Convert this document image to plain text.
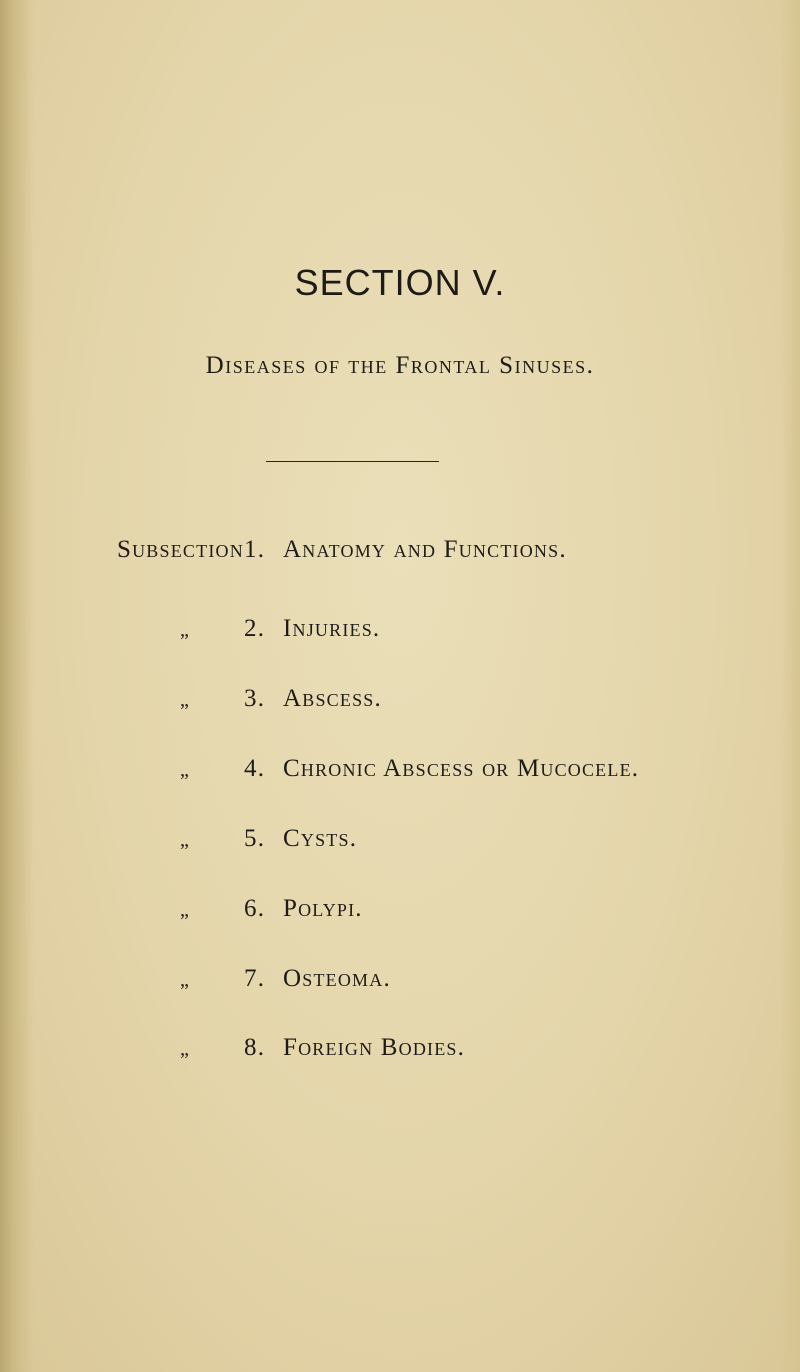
SECTION V.
Diseases of the Frontal Sinuses.
Subsection 1. Anatomy and Functions.
„ 2. Injuries.
„ 3. Abscess.
„ 4. Chronic Abscess or Mucocele.
„ 5. Cysts.
„ 6. Polypi.
„ 7. Osteoma.
„ 8. Foreign Bodies.
